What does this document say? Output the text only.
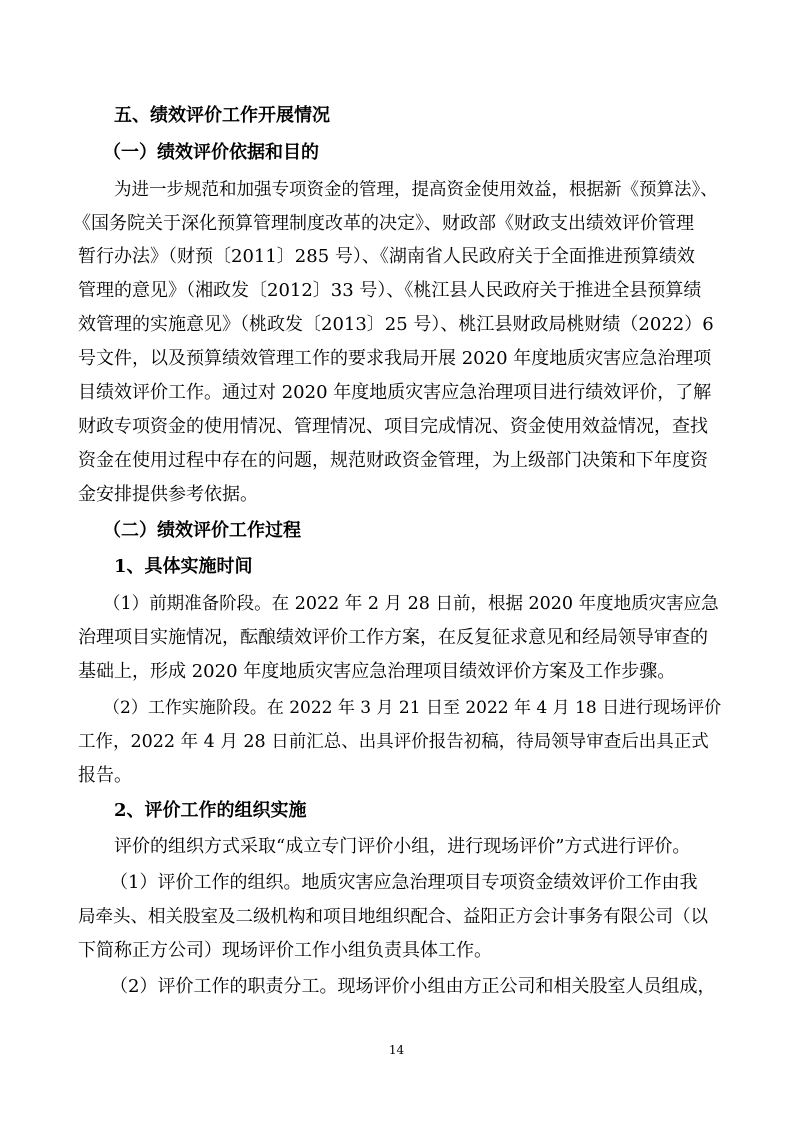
五、绩效评价工作开展情况
（一）绩效评价依据和目的
为进一步规范和加强专项资金的管理，提高资金使用效益，根据新《预算法》、
《国务院关于深化预算管理制度改革的决定》、财政部《财政支出绩效评价管理
暂行办法》（财预〔2011〕285 号）、《湖南省人民政府关于全面推进预算绩效
管理的意见》（湘政发〔2012〕33 号）、《桃江县人民政府关于推进全县预算绩
效管理的实施意见》（桃政发〔2013〕25 号）、桃江县财政局桃财绩（2022）6
号文件，以及预算绩效管理工作的要求我局开展 2020 年度地质灾害应急治理项
目绩效评价工作。通过对 2020 年度地质灾害应急治理项目进行绩效评价，了解
财政专项资金的使用情况、管理情况、项目完成情况、资金使用效益情况，查找
资金在使用过程中存在的问题，规范财政资金管理，为上级部门决策和下年度资
金安排提供参考依据。
（二）绩效评价工作过程
1、具体实施时间
（1）前期准备阶段。在 2022 年 2 月 28 日前，根据 2020 年度地质灾害应急
治理项目实施情况，酝酿绩效评价工作方案，在反复征求意见和经局领导审查的
基础上，形成 2020 年度地质灾害应急治理项目绩效评价方案及工作步骤。
（2）工作实施阶段。在 2022 年 3 月 21 日至 2022 年 4 月 18 日进行现场评价
工作，2022 年 4 月 28 日前汇总、出具评价报告初稿，待局领导审查后出具正式
报告。
2、评价工作的组织实施
评价的组织方式采取“成立专门评价小组，进行现场评价”方式进行评价。
（1）评价工作的组织。地质灾害应急治理项目专项资金绩效评价工作由我
局牵头、相关股室及二级机构和项目地组织配合、益阳正方会计事务有限公司（以
下简称正方公司）现场评价工作小组负责具体工作。
（2）评价工作的职责分工。现场评价小组由方正公司和相关股室人员组成，
14
